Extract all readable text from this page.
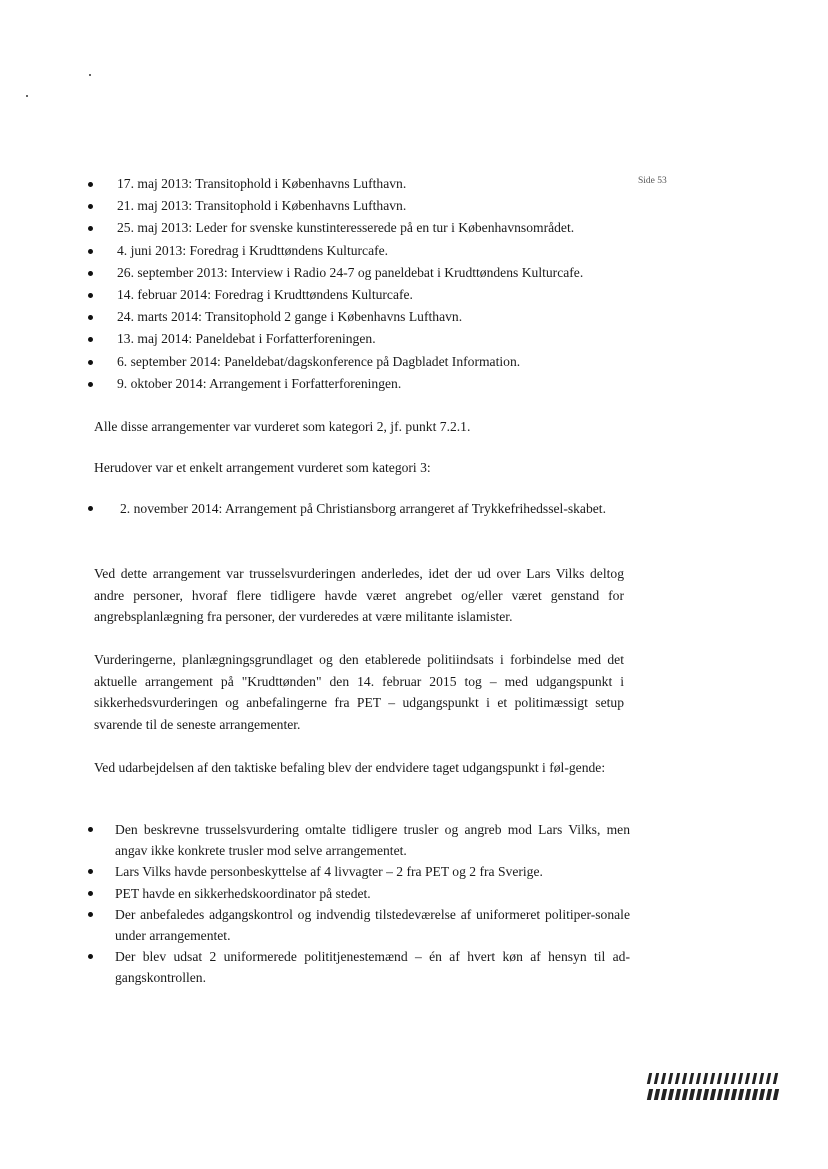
Side 53
17. maj 2013: Transitophold i Københavns Lufthavn.
21. maj 2013: Transitophold i Københavns Lufthavn.
25. maj 2013: Leder for svenske kunstinteresserede på en tur i Københavnsområdet.
4. juni 2013: Foredrag i Krudttøndens Kulturcafe.
26. september 2013: Interview i Radio 24-7 og paneldebat i Krudttøndens Kulturcafe.
14. februar 2014: Foredrag i Krudttøndens Kulturcafe.
24. marts 2014: Transitophold 2 gange i Københavns Lufthavn.
13. maj 2014: Paneldebat i Forfatterforeningen.
6. september 2014: Paneldebat/dagskonference på Dagbladet Information.
9. oktober 2014: Arrangement i Forfatterforeningen.

Alle disse arrangementer var vurderet som kategori 2, jf. punkt 7.2.1.

Herudover var et enkelt arrangement vurderet som kategori 3:

2. november 2014: Arrangement på Christiansborg arrangeret af Trykkefrihedssel-skabet.

Ved dette arrangement var trusselsvurderingen anderledes, idet der ud over Lars Vilks deltog andre personer, hvoraf flere tidligere havde været angrebet og/eller været genstand for angrebsplanlægning fra personer, der vurderedes at være militante islamister.

Vurderingerne, planlægningsgrundlaget og den etablerede politiindsats i forbindelse med det aktuelle arrangement på "Krudttønden" den 14. februar 2015 tog – med udgangspunkt i sikkerhedsvurderingen og anbefalingerne fra PET – udgangspunkt i et politimæssigt setup svarende til de seneste arrangementer.

Ved udarbejdelsen af den taktiske befaling blev der endvidere taget udgangspunkt i føl-gende:

Den beskrevne trusselsvurdering omtalte tidligere trusler og angreb mod Lars Vilks, men angav ikke konkrete trusler mod selve arrangementet.
Lars Vilks havde personbeskyttelse af 4 livvagter – 2 fra PET og 2 fra Sverige.
PET havde en sikkerhedskoordinator på stedet.
Der anbefaledes adgangskontrol og indvendig tilstedeværelse af uniformeret politiper-sonale under arrangementet.
Der blev udsat 2 uniformerede polititjenestemænd – én af hvert køn af hensyn til ad-gangskontrollen.
